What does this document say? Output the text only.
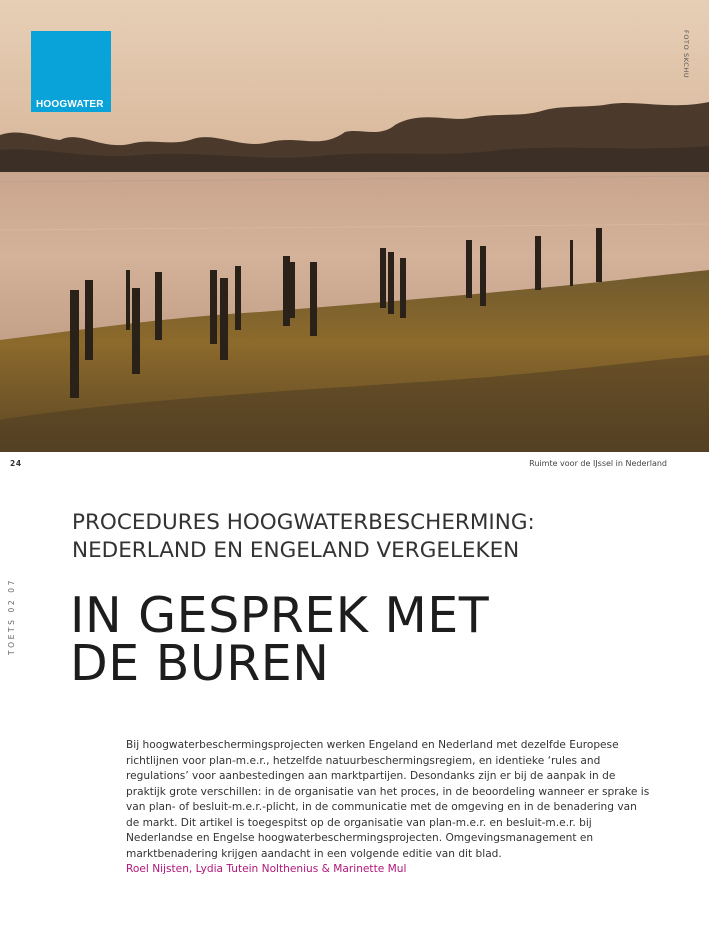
HOOGWATER
FOTO SKCHU
24	Ruimte voor de IJssel in Nederland
TOETS 02 07
PROCEDURES HOOGWATERBESCHERMING:
NEDERLAND EN ENGELAND VERGELEKEN
IN GESPREK MET
DE BUREN

Bij hoogwaterbeschermingsprojecten werken Engeland en Nederland met dezelfde Europese richtlijnen voor plan-m.e.r., hetzelfde natuurbeschermingsregiem, en identieke ‘rules and regulations’ voor aanbestedingen aan marktpartijen. Desondanks zijn er bij de aanpak in de praktijk grote verschillen: in de organisatie van het proces, in de beoordeling wanneer er sprake is van plan- of besluit-m.e.r.-plicht, in de communicatie met de omgeving en in de benadering van de markt. Dit artikel is toegespitst op de organisatie van plan-m.e.r. en besluit-m.e.r. bij Nederlandse en Engelse hoogwaterbeschermingsprojecten. Omgevingsmanagement en marktbenadering krijgen aandacht in een volgende editie van dit blad.

Roel Nijsten, Lydia Tutein Nolthenius & Marinette Mul
